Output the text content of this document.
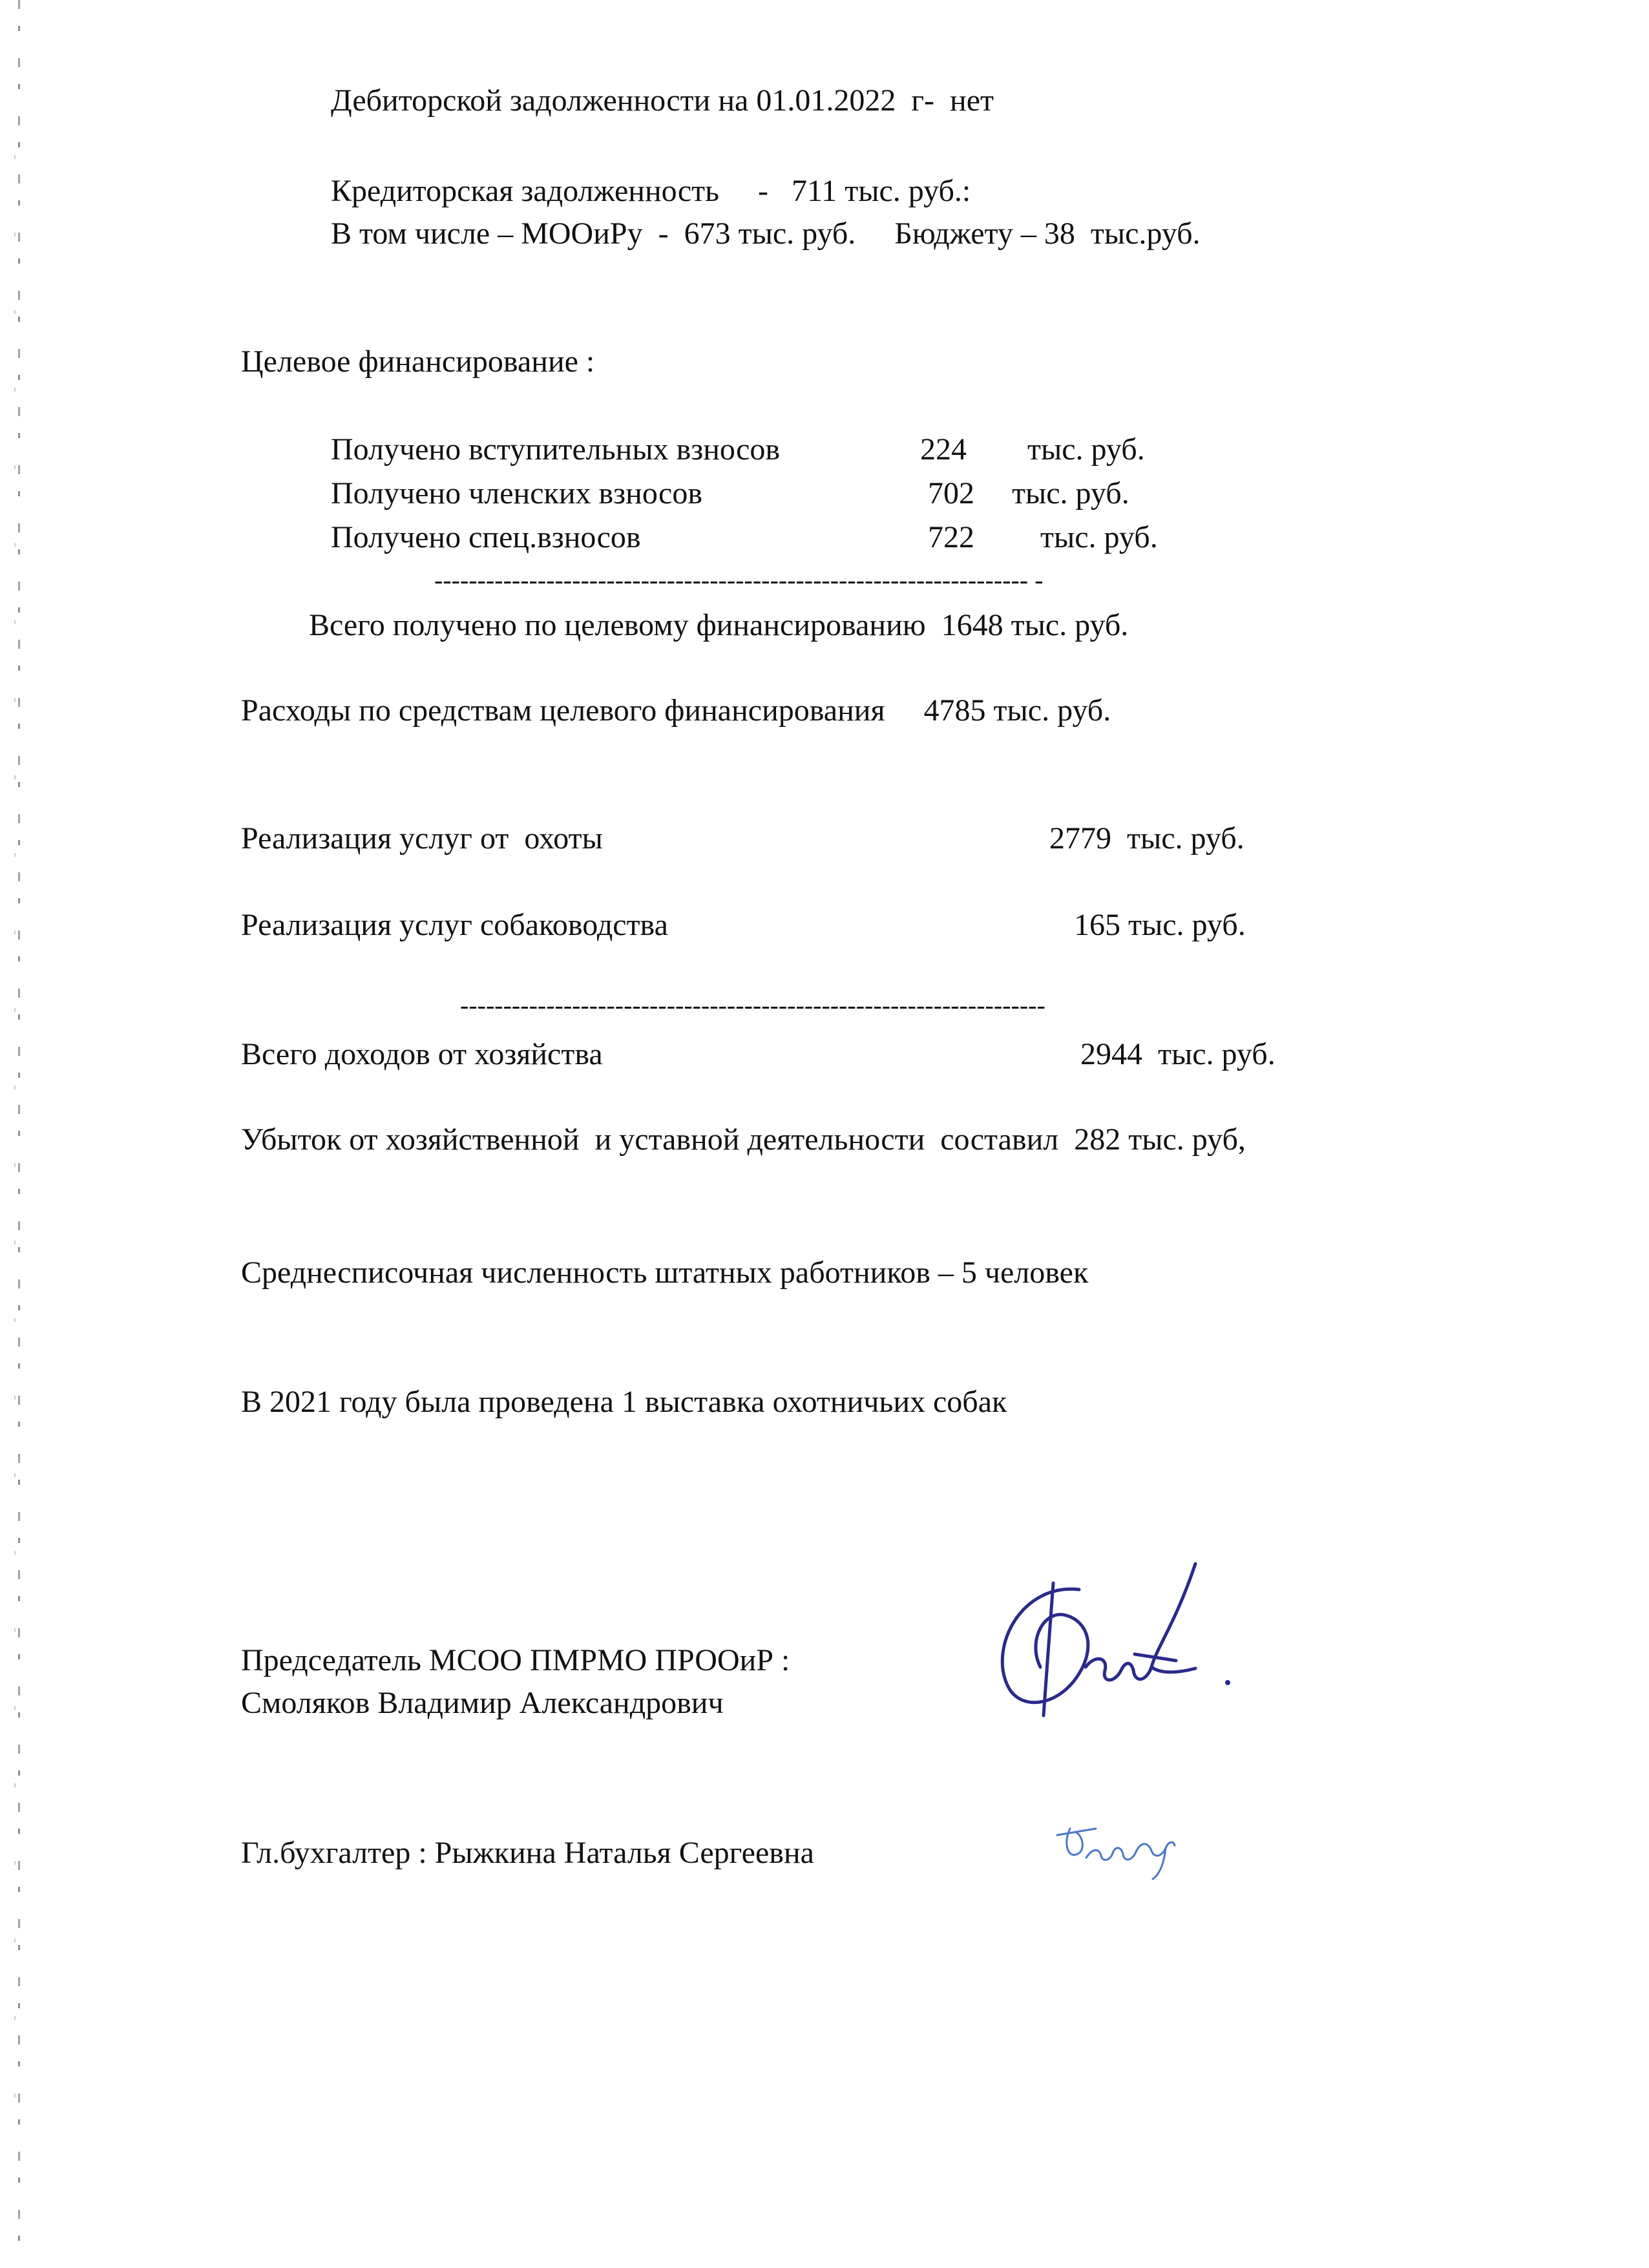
Дебиторской задолженности на 01.01.2022  г-  нет
Кредиторская задолженность     -   711 тыс. руб.:
В том числе – МООиРу  -  673 тыс. руб.     Бюджету – 38  тыс.руб.
Целевое финансирование :
Получено вступительных взносов	224 тыс. руб.
Получено членских взносов	702 тыс. руб.
Получено спец.взносов	722 тыс. руб.
--------------------------------------------------------------------- -
Всего получено по целевому финансированию  1648 тыс. руб.
Расходы по средствам целевого финансирования     4785 тыс. руб.
Реализация услуг от  охоты	2779  тыс. руб.
Реализация услуг собаководства	165 тыс. руб.
--------------------------------------------------------------------
Всего доходов от хозяйства	2944  тыс. руб.
Убыток от хозяйственной  и уставной деятельности  составил  282 тыс. руб,
Среднесписочная численность штатных работников – 5 человек
В 2021 году была проведена 1 выставка охотничьих собак
Председатель МСОО ПМРМО ПРООиР :
Смоляков Владимир Александрович
Гл.бухгалтер : Рыжкина Наталья Сергеевна
